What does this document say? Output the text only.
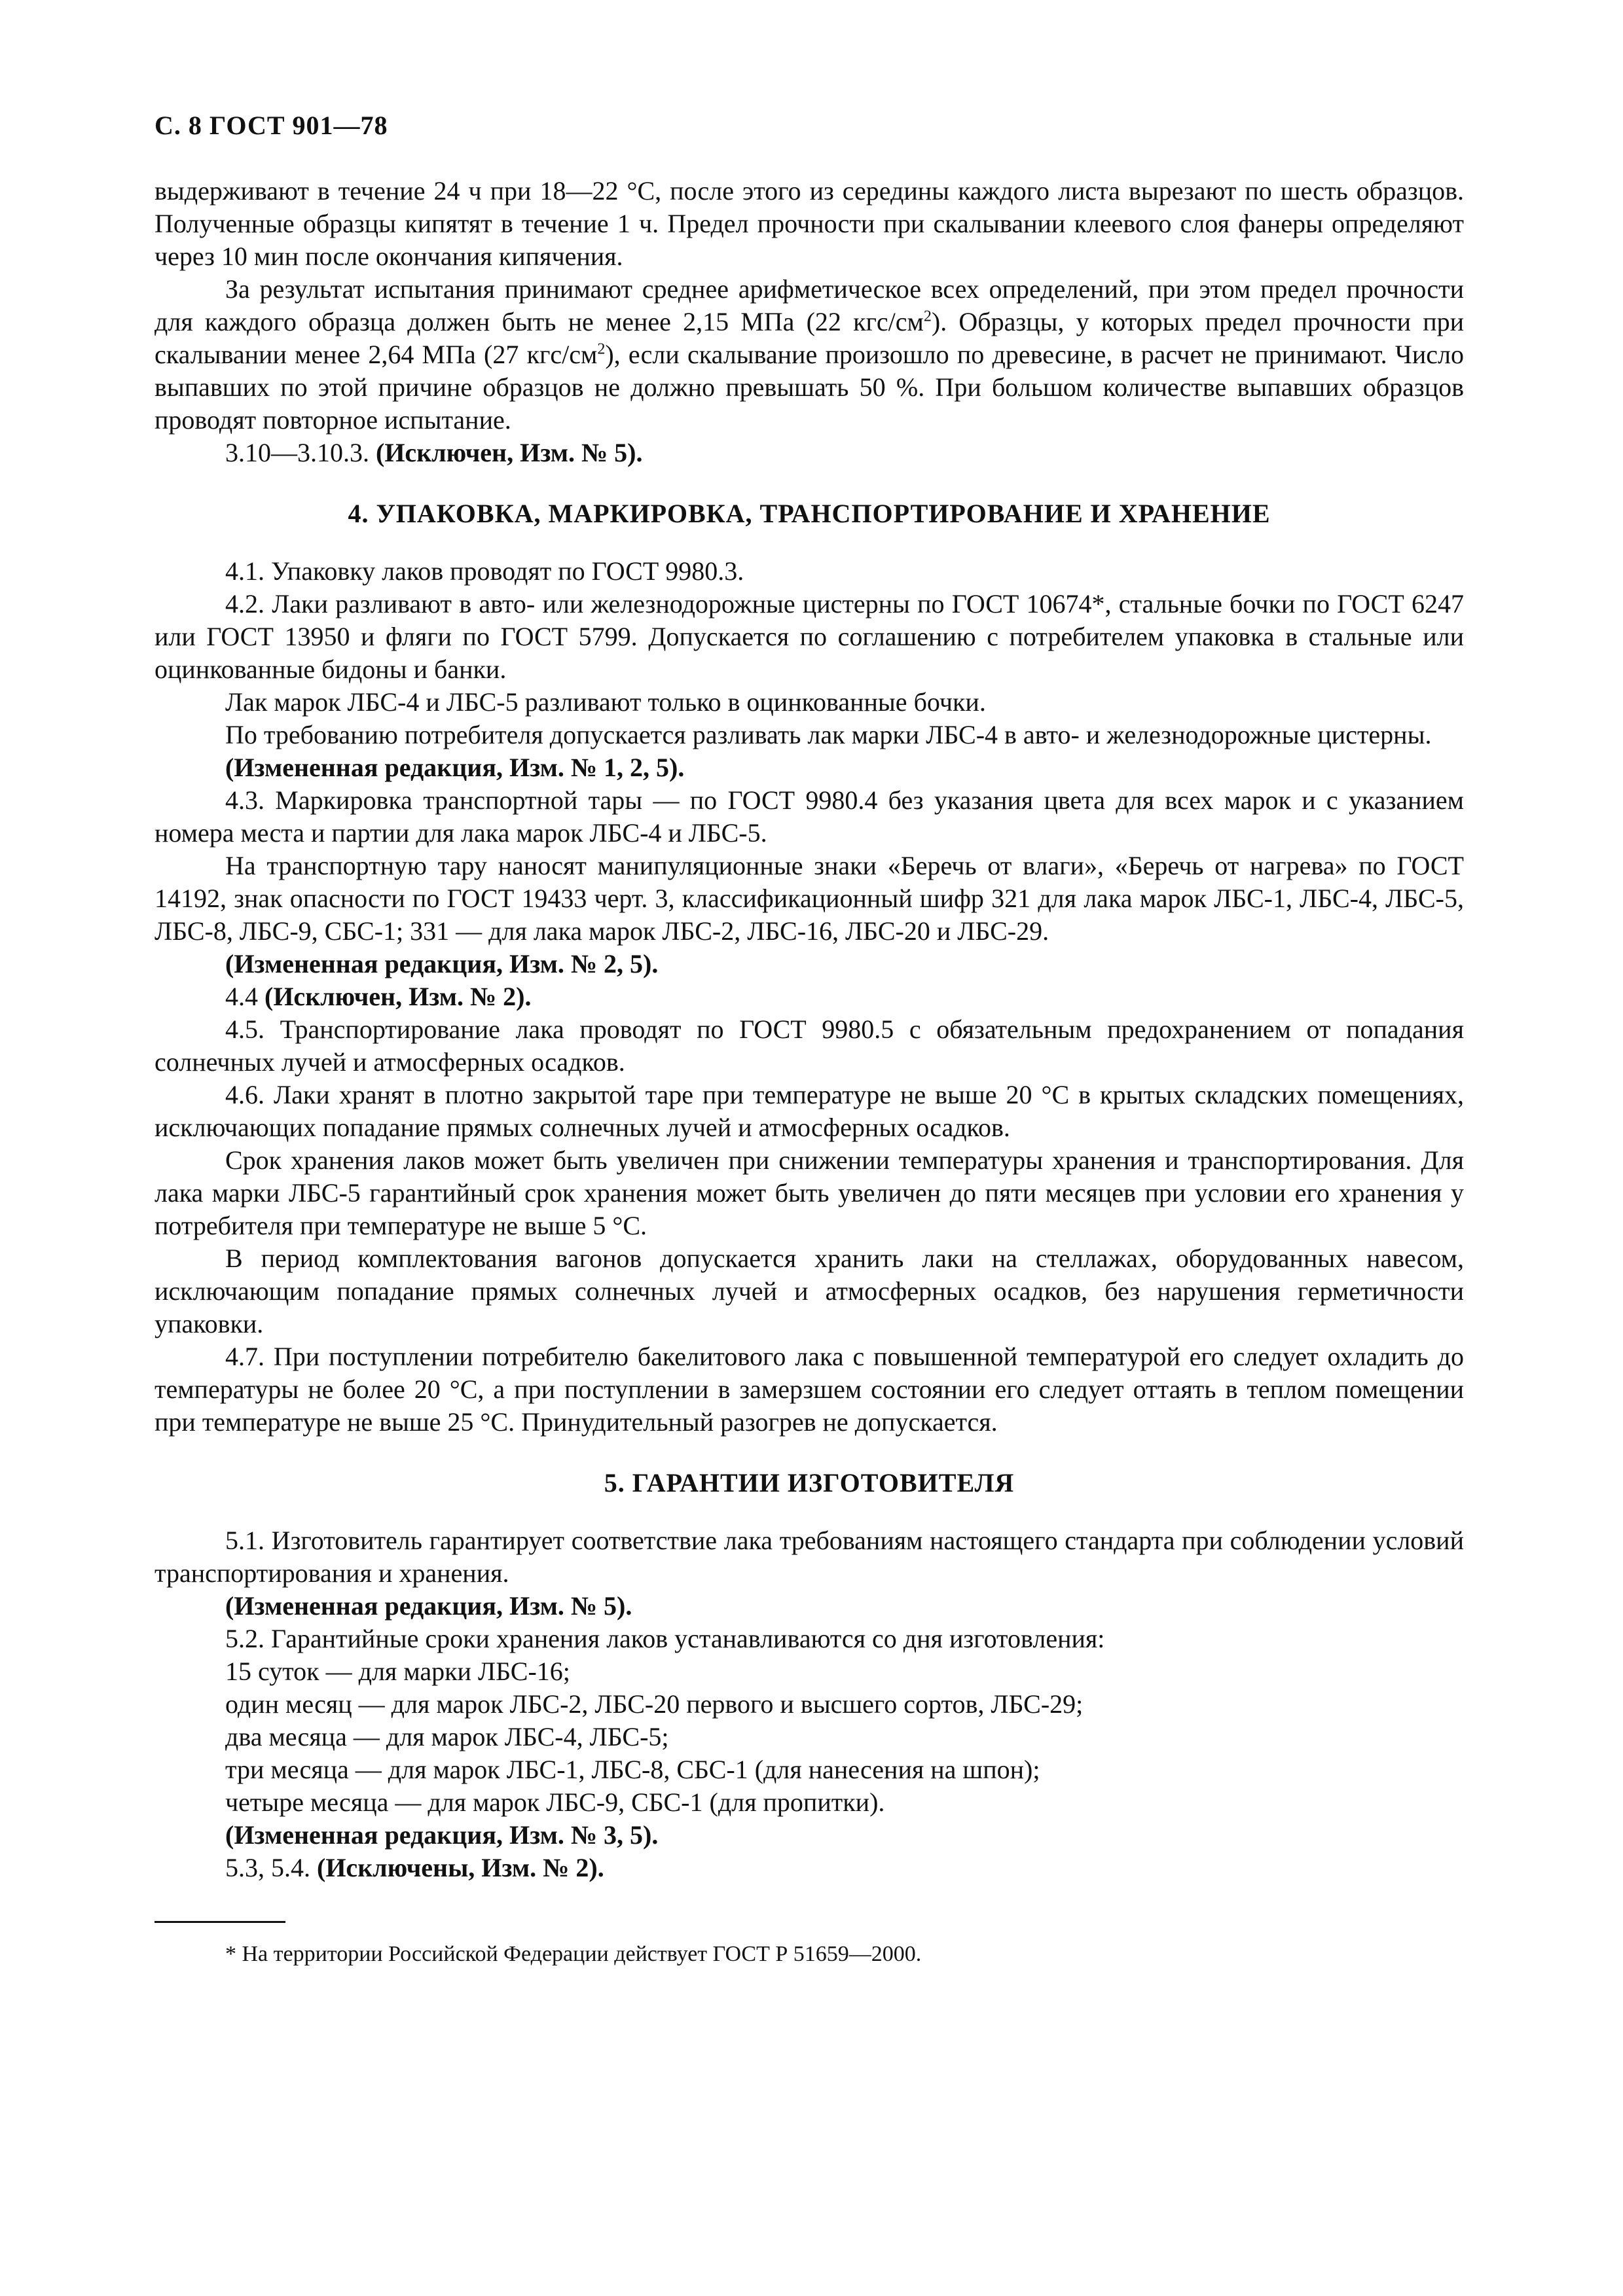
С. 8 ГОСТ 901—78

выдерживают в течение 24 ч при 18—22 °С, после этого из середины каждого листа вырезают по шесть образцов. Полученные образцы кипятят в течение 1 ч. Предел прочности при скалывании клеевого слоя фанеры определяют через 10 мин после окончания кипячения.

За результат испытания принимают среднее арифметическое всех определений, при этом предел прочности для каждого образца должен быть не менее 2,15 МПа (22 кгс/$см^2$). Образцы, у которых предел прочности при скалывании менее 2,64 МПа (27 кгс/$см^2$), если скалывание произошло по древесине, в расчет не принимают. Число выпавших по этой причине образцов не должно превышать 50 %. При большом количестве выпавших образцов проводят повторное испытание.

3.10—3.10.3. (Исключен, Изм. № 5).

4. УПАКОВКА, МАРКИРОВКА, ТРАНСПОРТИРОВАНИЕ И ХРАНЕНИЕ

4.1. Упаковку лаков проводят по ГОСТ 9980.3.

4.2. Лаки разливают в авто- или железнодорожные цистерны по ГОСТ 10674*, стальные бочки по ГОСТ 6247 или ГОСТ 13950 и фляги по ГОСТ 5799. Допускается по соглашению с потребителем упаковка в стальные или оцинкованные бидоны и банки.

Лак марок ЛБС-4 и ЛБС-5 разливают только в оцинкованные бочки.

По требованию потребителя допускается разливать лак марки ЛБС-4 в авто- и железнодорожные цистерны.

(Измененная редакция, Изм. № 1, 2, 5).

4.3. Маркировка транспортной тары — по ГОСТ 9980.4 без указания цвета для всех марок и с указанием номера места и партии для лака марок ЛБС-4 и ЛБС-5.

На транспортную тару наносят манипуляционные знаки «Беречь от влаги», «Беречь от нагрева» по ГОСТ 14192, знак опасности по ГОСТ 19433 черт. 3, классификационный шифр 321 для лака марок ЛБС-1, ЛБС-4, ЛБС-5, ЛБС-8, ЛБС-9, СБС-1; 331 — для лака марок ЛБС-2, ЛБС-16, ЛБС-20 и ЛБС-29.

(Измененная редакция, Изм. № 2, 5).

4.4 (Исключен, Изм. № 2).

4.5. Транспортирование лака проводят по ГОСТ 9980.5 с обязательным предохранением от попадания солнечных лучей и атмосферных осадков.

4.6. Лаки хранят в плотно закрытой таре при температуре не выше 20 °С в крытых складских помещениях, исключающих попадание прямых солнечных лучей и атмосферных осадков.

Срок хранения лаков может быть увеличен при снижении температуры хранения и транспортирования. Для лака марки ЛБС-5 гарантийный срок хранения может быть увеличен до пяти месяцев при условии его хранения у потребителя при температуре не выше 5 °С.

В период комплектования вагонов допускается хранить лаки на стеллажах, оборудованных навесом, исключающим попадание прямых солнечных лучей и атмосферных осадков, без нарушения герметичности упаковки.

4.7. При поступлении потребителю бакелитового лака с повышенной температурой его следует охладить до температуры не более 20 °С, а при поступлении в замерзшем состоянии его следует оттаять в теплом помещении при температуре не выше 25 °С. Принудительный разогрев не допускается.

5. ГАРАНТИИ ИЗГОТОВИТЕЛЯ

5.1. Изготовитель гарантирует соответствие лака требованиям настоящего стандарта при соблюдении условий транспортирования и хранения.

(Измененная редакция, Изм. № 5).

5.2. Гарантийные сроки хранения лаков устанавливаются со дня изготовления:

15 суток — для марки ЛБС-16;

один месяц — для марок ЛБС-2, ЛБС-20 первого и высшего сортов, ЛБС-29;

два месяца — для марок ЛБС-4, ЛБС-5;

три месяца — для марок ЛБС-1, ЛБС-8, СБС-1 (для нанесения на шпон);

четыре месяца — для марок ЛБС-9, СБС-1 (для пропитки).

(Измененная редакция, Изм. № 3, 5).

5.3, 5.4. (Исключены, Изм. № 2).

* На территории Российской Федерации действует ГОСТ Р 51659—2000.
